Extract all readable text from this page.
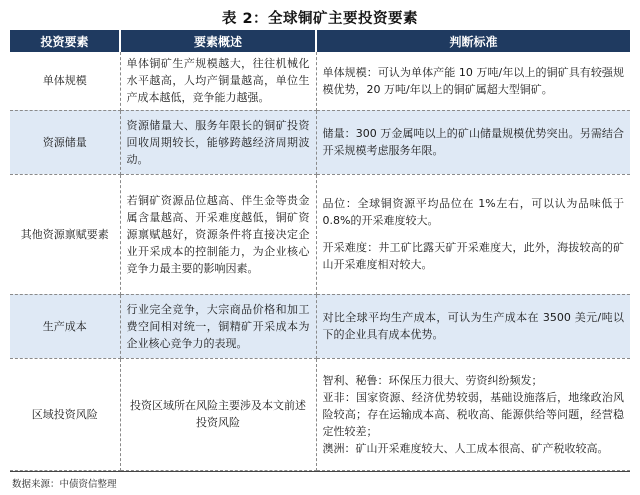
表 2：全球铜矿主要投资要素
投资要素	要素概述	判断标准
单体规模	单体铜矿生产规模越大，往往机械化水平越高，人均产铜量越高，单位生产成本越低，竞争能力越强。	单体规模：可认为单体产能 10 万吨/年以上的铜矿具有较强规模优势，20 万吨/年以上的铜矿属超大型铜矿。

资源储量	资源储量大、服务年限长的铜矿投资回收周期较长，能够跨越经济周期波动。	储量：300 万金属吨以上的矿山储量规模优势突出。另需结合开采规模考虑服务年限。

其他资源禀赋要素	若铜矿资源品位越高、伴生金等贵金属含量越高、开采难度越低，铜矿资源禀赋越好，资源条件将直接决定企业开采成本的控制能力，为企业核心竞争力最主要的影响因素。	品位：全球铜资源平均品位在 1%左右，可以认为品味低于 0.8%的开采难度较大。
开采难度：井工矿比露天矿开采难度大，此外，海拔较高的矿山开采难度相对较大。

生产成本	行业完全竞争，大宗商品价格和加工费空间相对统一，铜精矿开采成本为企业核心竞争力的表现。	对比全球平均生产成本，可认为生产成本在 3500 美元/吨以下的企业具有成本优势。

区域投资风险	投资区域所在风险主要涉及本文前述投资风险	智利、秘鲁：环保压力很大、劳资纠纷频发；
亚非：国家资源、经济优势较弱，基础设施落后，地缘政治风险较高；存在运输成本高、税收高、能源供给等问题，经营稳定性较差；
澳洲：矿山开采难度较大、人工成本很高、矿产税收较高。
数据来源：中债资信整理
